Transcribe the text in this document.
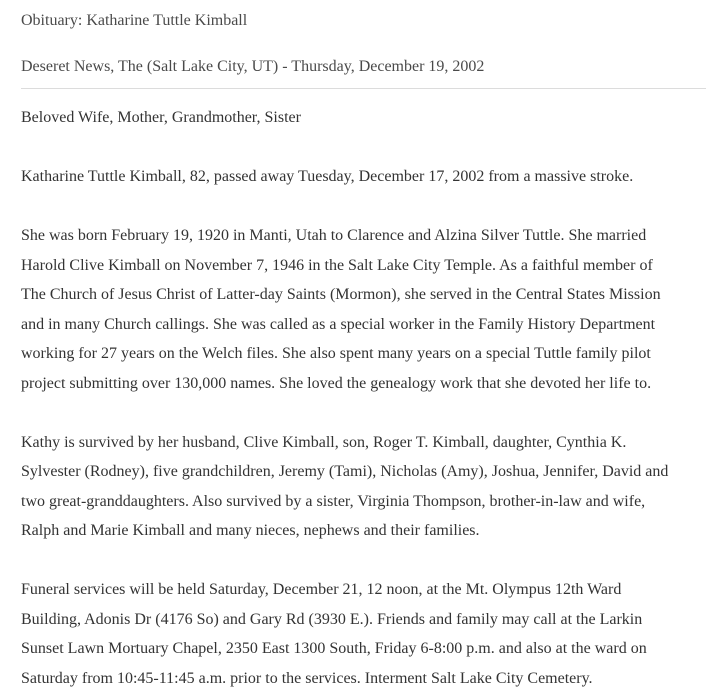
Obituary: Katharine Tuttle Kimball
Deseret News, The (Salt Lake City, UT) - Thursday, December 19, 2002

Beloved Wife, Mother, Grandmother, Sister

Katharine Tuttle Kimball, 82, passed away Tuesday, December 17, 2002 from a massive stroke.

She was born February 19, 1920 in Manti, Utah to Clarence and Alzina Silver Tuttle. She married
Harold Clive Kimball on November 7, 1946 in the Salt Lake City Temple. As a faithful member of
The Church of Jesus Christ of Latter-day Saints (Mormon), she served in the Central States Mission
and in many Church callings. She was called as a special worker in the Family History Department
working for 27 years on the Welch files. She also spent many years on a special Tuttle family pilot
project submitting over 130,000 names. She loved the genealogy work that she devoted her life to.

Kathy is survived by her husband, Clive Kimball, son, Roger T. Kimball, daughter, Cynthia K.
Sylvester (Rodney), five grandchildren, Jeremy (Tami), Nicholas (Amy), Joshua, Jennifer, David and
two great-granddaughters. Also survived by a sister, Virginia Thompson, brother-in-law and wife,
Ralph and Marie Kimball and many nieces, nephews and their families.

Funeral services will be held Saturday, December 21, 12 noon, at the Mt. Olympus 12th Ward
Building, Adonis Dr (4176 So) and Gary Rd (3930 E.). Friends and family may call at the Larkin
Sunset Lawn Mortuary Chapel, 2350 East 1300 South, Friday 6-8:00 p.m. and also at the ward on
Saturday from 10:45-11:45 a.m. prior to the services. Interment Salt Lake City Cemetery.
